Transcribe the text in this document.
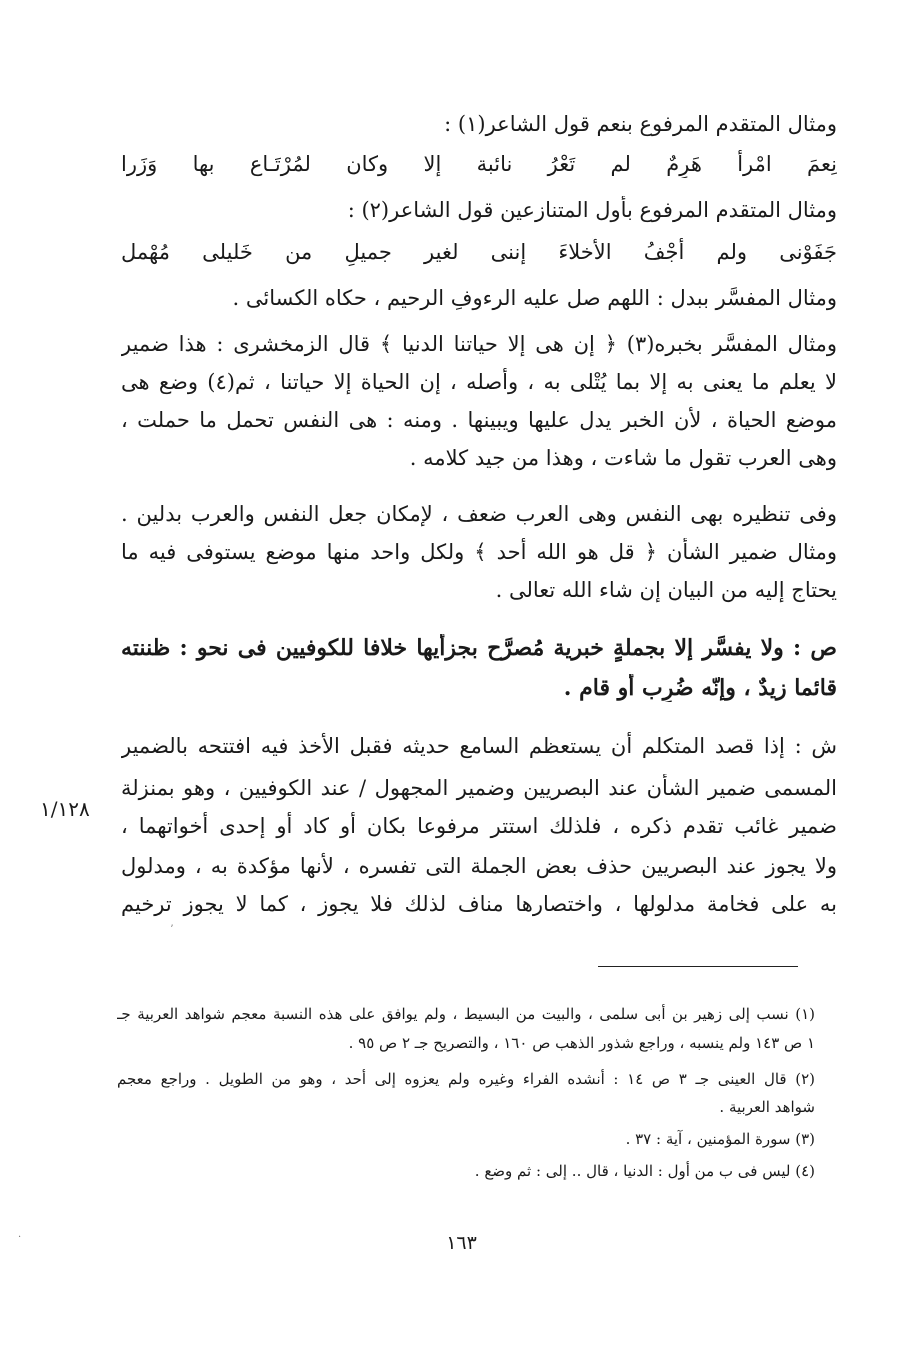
ومثال المتقدم المرفوع بنعم قول الشاعر(١) :
نِعمَ امْرأً هَرِمٌ لم تَعْرُ نائبة إلا وكان لمُرْتَـاع بها وَزَرا
ومثال المتقدم المرفوع بأول المتنازعين قول الشاعر(٢) :
جَفَوْنى ولم أَجْفُ الأَخلاءَ إننى لغير جميلٍ من خَليلى مُهْمل
ومثال المفسَّر ببدل : اللهم صل عليه الرءوفِ الرحيم ، حكاه الكسائى .
ومثال المفسَّر بخبره(٣) ﴿ إن هى إلا حياتنا الدنيا ﴾ قال الزمخشرى : هذا ضمير
لا يعلم ما يعنى به إلا بما يُتْلى به ، وأصله ، إن الحياة إلا حياتنا ، ثم(٤) وضع هى
موضع الحياة ، لأن الخبر يدل عليها ويبينها . ومنه : هى النفس تحمل ما حملت ،
وهى العرب تقول ما شاءت ، وهذا من جيد كلامه .
وفى تنظيره بهى النفس وهى العرب ضعف ، لإمكان جعل النفس والعرب بدلين .
ومثال ضمير الشأن ﴿ قل هو الله أحد ﴾ ولكل واحد منها موضع يستوفى فيه ما
يحتاج إليه من البيان إن شاء الله تعالى .
ص : ولا يفسَّر إلا بجملةٍ خبرية مُصرَّح بجزأيها خلافا للكوفيين فى نحو : ظننته
قائما زيدٌ ، وإنّه ضُرِب أو قام .
ش : إذا قصد المتكلم أن يستعظم السامع حديثه فقبل الأخذ فيه افتتحه بالضمير
المسمى ضمير الشأن عند البصريين وضمير المجهول / عند الكوفيين ، وهو بمنزلة
ضمير غائب تقدم ذكره ، فلذلك استتر مرفوعا بكان أو كاد أو إحدى أخواتهما ،
ولا يجوز عند البصريين حذف بعض الجملة التى تفسره ، لأنها مؤكدة به ، ومدلول
به على فخامة مدلولها ، واختصارها مناف لذلك فلا يجوز ، كما لا يجوز ترخيم
١/١٢٨
(١) نسب إلى زهير بن أبى سلمى ، والبيت من البسيط ، ولم يوافق على هذه النسبة معجم شواهد العربية جـ
١ ص ١٤٣ ولم ينسبه ، وراجع شذور الذهب ص ١٦٠ ، والتصريح جـ ٢ ص ٩٥ .
(٢) قال العينى جـ ٣ ص ١٤ : أنشده الفراء وغيره ولم يعزوه إلى أحد ، وهو من الطويل . وراجع معجم
شواهد العربية .
(٣) سورة المؤمنين ، آية : ٣٧ .
(٤) ليس فى ب من أول : الدنيا ، قال .. إلى : ثم وضع .
١٦٣
ʼ
·
